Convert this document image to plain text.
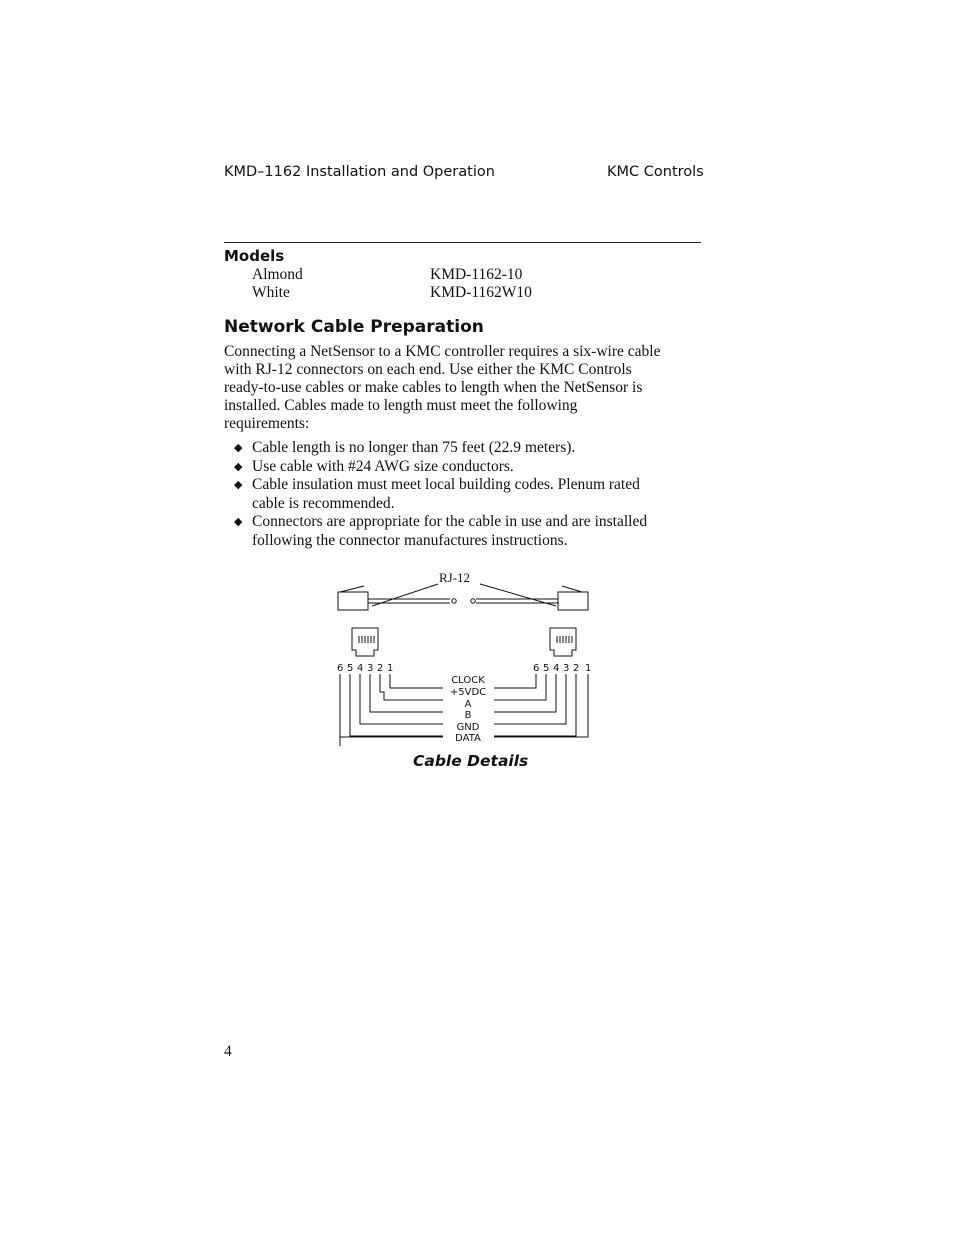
KMD–1162 Installation and Operation	KMC Controls
Models
Almond	KMD-1162-10
White	KMD-1162W10
Network Cable Preparation
Connecting a NetSensor to a KMC controller requires a six-wire cable
with RJ-12 connectors on each end. Use either the KMC Controls
ready-to-use cables or make cables to length when the NetSensor is
installed. Cables made to length must meet the following
requirements:
◆ Cable length is no longer than 75 feet (22.9 meters).
◆ Use cable with #24 AWG size conductors.
◆ Cable insulation must meet local building codes. Plenum rated
cable is recommended.
◆ Connectors are appropriate for the cable in use and are installed
following the connector manufactures instructions.
RJ-12
6 5 4 3 2 1	6 5 4 3 2 1
CLOCK
+5VDC
A
B
GND
DATA
Cable Details
4
